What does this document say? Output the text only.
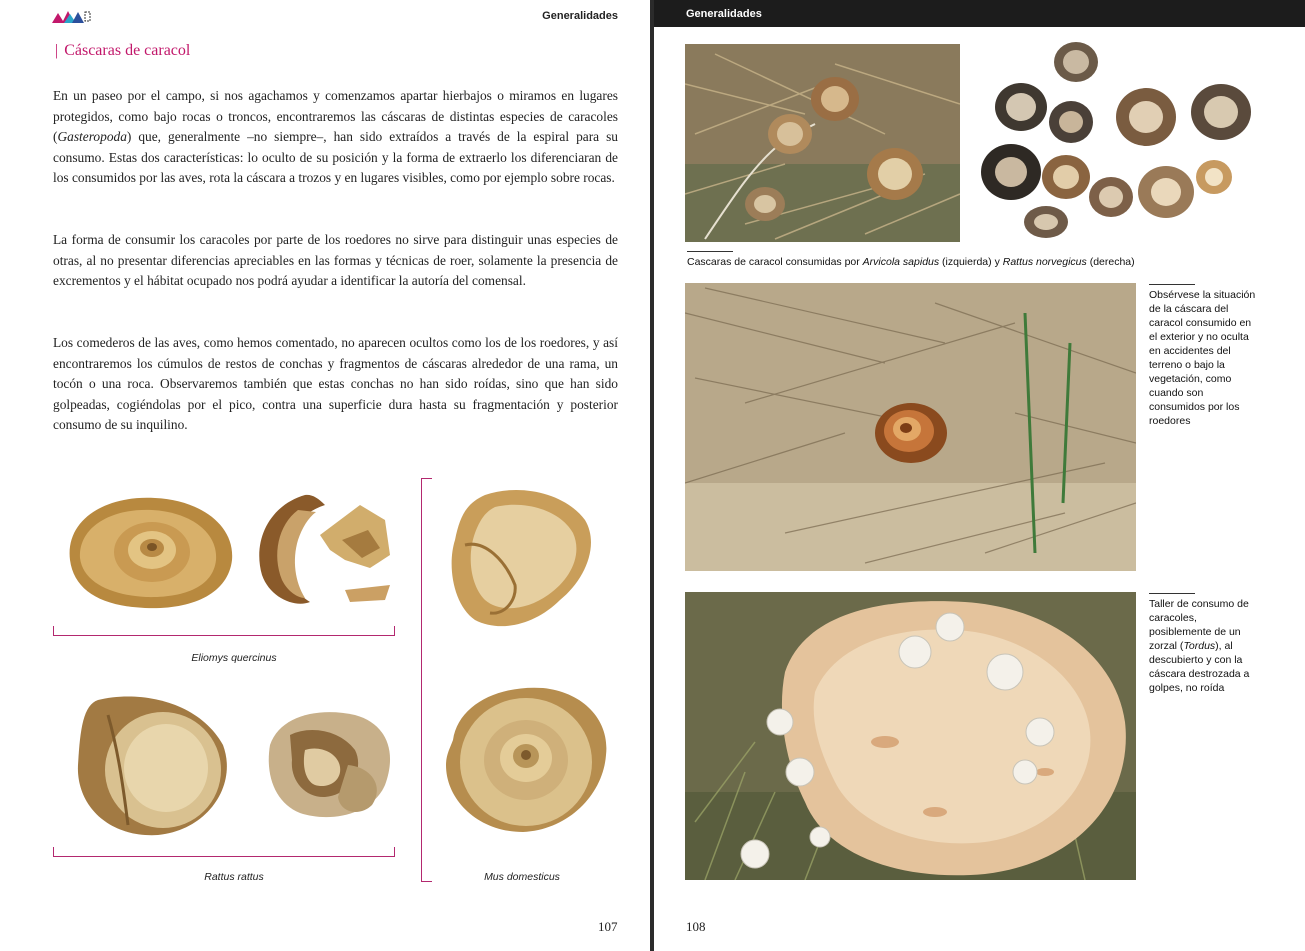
Generalidades
| Cáscaras de caracol

En un paseo por el campo, si nos agachamos y comenzamos apartar hierbajos o miramos en lugares protegidos, como bajo rocas o troncos, encontraremos las cáscaras de distintas especies de caracoles (Gasteropoda) que, generalmente –no siempre–, han sido extraídos a través de la espiral para su consumo. Estas dos características: lo oculto de su posición y la forma de extraerlo los diferenciaran de los consumidos por las aves, rota la cáscara a trozos y en lugares visibles, como por ejemplo sobre rocas.

La forma de consumir los caracoles por parte de los roedores no sirve para distinguir unas especies de otras, al no presentar diferencias apreciables en las formas y técnicas de roer, solamente la presencia de excrementos y el hábitat ocupado nos podrá ayudar a identificar la autoría del comensal.

Los comederos de las aves, como hemos comentado, no aparecen ocultos como los de los roedores, y así encontraremos los cúmulos de restos de conchas y fragmentos de cáscaras alrededor de una rama, un tocón o una roca. Observaremos también que estas conchas no han sido roídas, sino que han sido golpeadas, cogiéndolas por el pico, contra una superficie dura hasta su fragmentación y posterior consumo de su inquilino.

Eliomys quercinus
Rattus rattus	Mus domesticus
107
Generalidades
Cascaras de caracol consumidas por Arvicola sapidus (izquierda) y Rattus norvegicus (derecha)

Obsérvese la situación de la cáscara del caracol consumido en el exterior y no oculta en accidentes del terreno o bajo la vegetación, como cuando son consumidos por los roedores

Taller de consumo de caracoles, posiblemente de un zorzal (Tordus), al descubierto y con la cáscara destrozada a golpes, no roída

108
